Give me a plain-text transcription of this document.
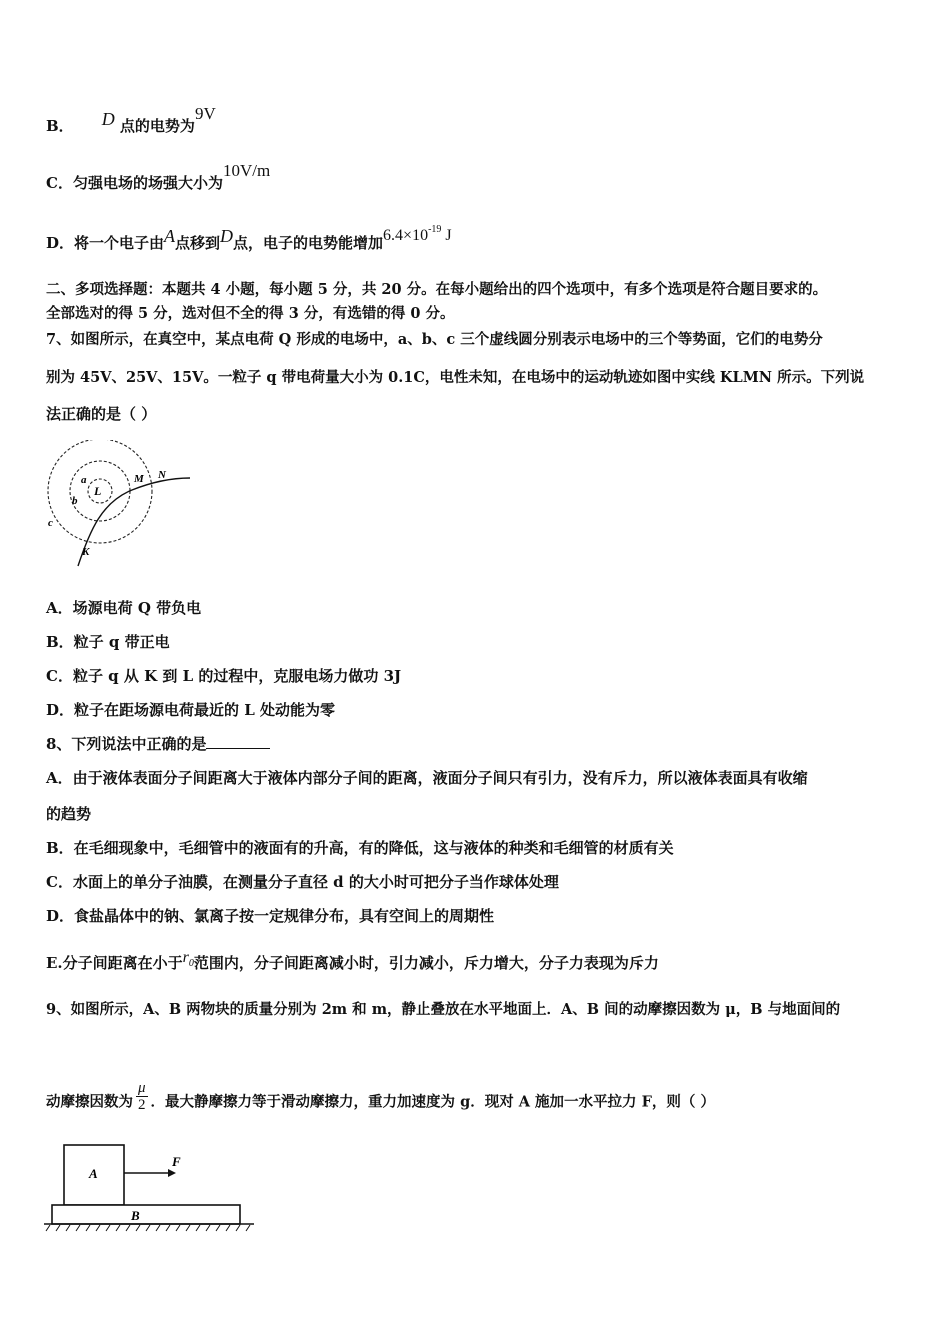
B． D 点的电势为9V
C．匀强电场的场强大小为10V/m
D．将一个电子由A点移到D点，电子的电势能增加$6.4\times 10^{-19}$ J
二、多项选择题：本题共 4 小题，每小题 5 分，共 20 分。在每小题给出的四个选项中，有多个选项是符合题目要求的。
全部选对的得 5 分，选对但不全的得 3 分，有选错的得 0 分。
7、如图所示，在真空中，某点电荷 Q 形成的电场中，a、b、c 三个虚线圆分别表示电场中的三个等势面，它们的电势分
别为 45V、25V、15V。一粒子 q 带电荷量大小为 0.1C，电性未知，在电场中的运动轨迹如图中实线 KLMN 所示。下列说
法正确的是（ ）
a
L
b
c
M N
K
A．场源电荷 Q 带负电
B．粒子 q 带正电
C．粒子 q 从 K 到 L 的过程中，克服电场力做功 3J
D．粒子在距场源电荷最近的 L 处动能为零
8、下列说法中正确的是
A．由于液体表面分子间距离大于液体内部分子间的距离，液面分子间只有引力，没有斥力，所以液体表面具有收缩
的趋势
B．在毛细现象中，毛细管中的液面有的升高，有的降低，这与液体的种类和毛细管的材质有关
C．水面上的单分子油膜，在测量分子直径 d 的大小时可把分子当作球体处理
D．食盐晶体中的钠、氯离子按一定规律分布，具有空间上的周期性
E.分子间距离在小于$r_0$范围内，分子间距离减小时，引力减小，斥力增大，分子力表现为斥力
9、如图所示，A、B 两物块的质量分别为 2m 和 m，静止叠放在水平地面上．A、B 间的动摩擦因数为 μ，B 与地面间的
动摩擦因数为 $\frac{\mu}{2}$ ．最大静摩擦力等于滑动摩擦力，重力加速度为 g．现对 A 施加一水平拉力 F，则（ ）
A
B
F
